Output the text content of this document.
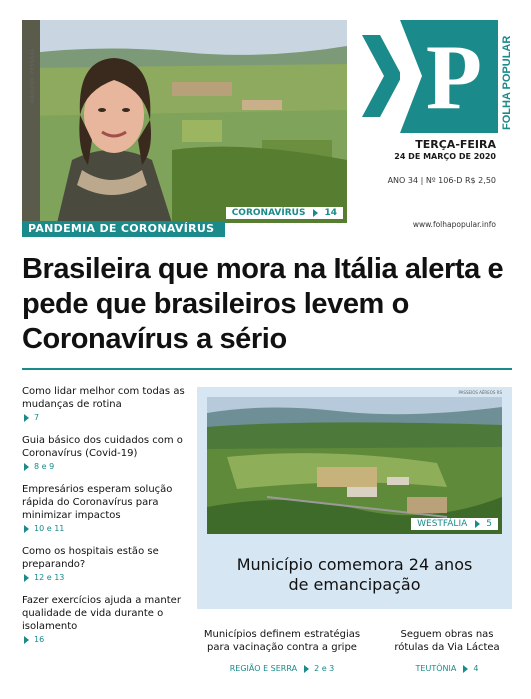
ARQUIVO PESSOAL
CORONAVÍRUS 14
PANDEMIA DE CORONAVÍRUS
P FOLHA POPULAR
TERÇA-FEIRA
24 DE MARÇO DE 2020
ANO 34 | Nº 106-D R$ 2,50
www.folhapopular.info
Brasileira que mora na Itália alerta e pede que brasileiros levem o Coronavírus a sério
Como lidar melhor com todas as mudanças de rotina
7
Guia básico dos cuidados com o Coronavírus (Covid-19)
8 e 9
Empresários esperam solução rápida do Coronavírus para minimizar impactos
10 e 11
Como os hospitais estão se preparando?
12 e 13
Fazer exercícios ajuda a manter qualidade de vida durante o isolamento
16
PASSEIOS AÉREOS RS
WESTFÁLIA 5
Município comemora 24 anos
de emancipação
Municípios definem estratégias para vacinação contra a gripe
REGIÃO E SERRA 2 e 3
Seguem obras nas rótulas da Via Láctea
TEUTÔNIA 4
